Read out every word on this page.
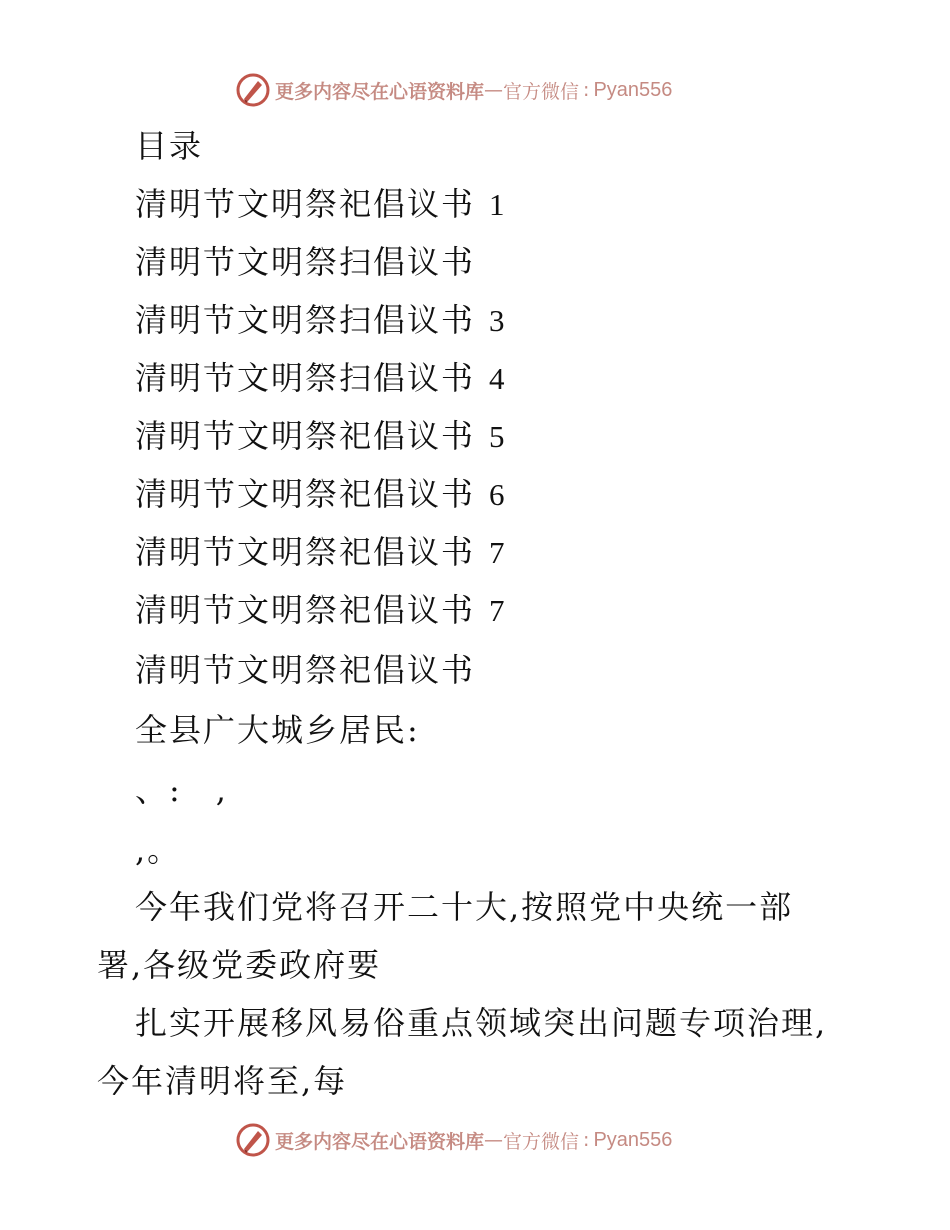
更多内容尽在心语资料库 — 官方微信 : Pyan556
目录
清明节文明祭祀倡议书 1
清明节文明祭扫倡议书
清明节文明祭扫倡议书 3
清明节文明祭扫倡议书 4
清明节文明祭祀倡议书 5
清明节文明祭祀倡议书 6
清明节文明祭祀倡议书 7
清明节文明祭祀倡议书 7
清明节文明祭祀倡议书
全县广大城乡居民:
、:　,
,。
今年我们党将召开二十大,按照党中央统一部署,各级党委政府要
扎实开展移风易俗重点领域突出问题专项治理,今年清明将至,每
更多内容尽在心语资料库 — 官方微信 : Pyan556
